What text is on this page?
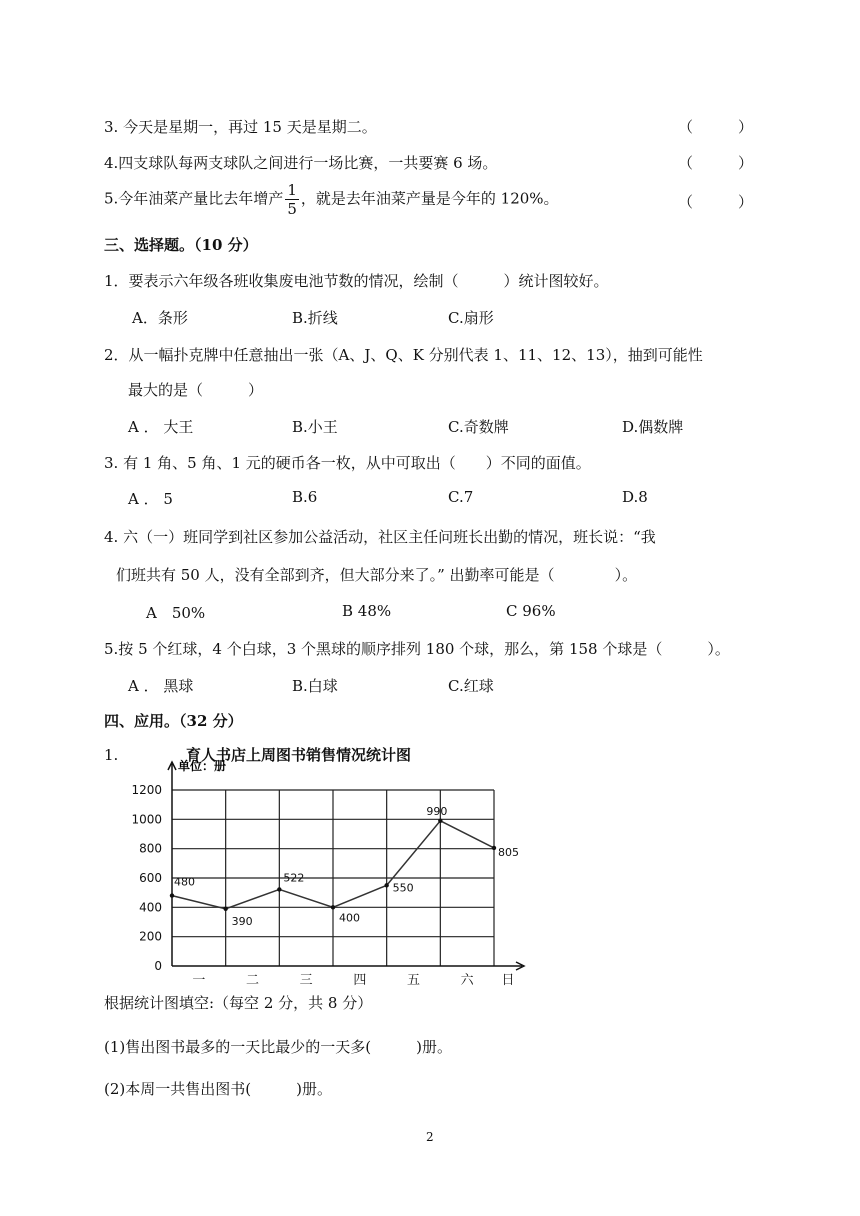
3. 今天是星期一，再过 15 天是星期二。	（　　　）
4.四支球队每两支球队之间进行一场比赛，一共要赛 6 场。	（　　　）
5.今年油菜产量比去年增产 $\frac{1}{5}$ ，就是去年油菜产量是今年的 120%。	（　　　）
三、选择题。（10 分）
1．要表示六年级各班收集废电池节数的情况，绘制（　　　）统计图较好。
A．条形	B.折线	C.扇形
2．从一幅扑克牌中任意抽出一张（A、J、Q、K 分别代表 1、11、12、13），抽到可能性
最大的是（　　　）
A ． 大王	B.小王	C.奇数牌	D.偶数牌
3. 有 1 角、5 角、1 元的硬币各一枚，从中可取出（　　）不同的面值。
A ． 5	B.6	C.7	D.8
4. 六（一）班同学到社区参加公益活动，社区主任问班长出勤的情况，班长说：“我
们班共有 50 人，没有全部到齐，但大部分来了。” 出勤率可能是（　　　　）。
A　50%	B 48%	C 96%
5.按 5 个红球，4 个白球，3 个黑球的顺序排列 180 个球，那么，第 158 个球是（　　　）。
A ． 黑球	B.白球	C.红球
四、应用。（32 分）
1.	育人书店上周图书销售情况统计图
0
200
400
600
800
1000
1200
一	二	三	四	五	六 日
480
390
522
400
550
990
805
单位：册
根据统计图填空:（每空 2 分，共 8 分）
(1)售出图书最多的一天比最少的一天多(　　　)册。
(2)本周一共售出图书(　　　)册。
2
